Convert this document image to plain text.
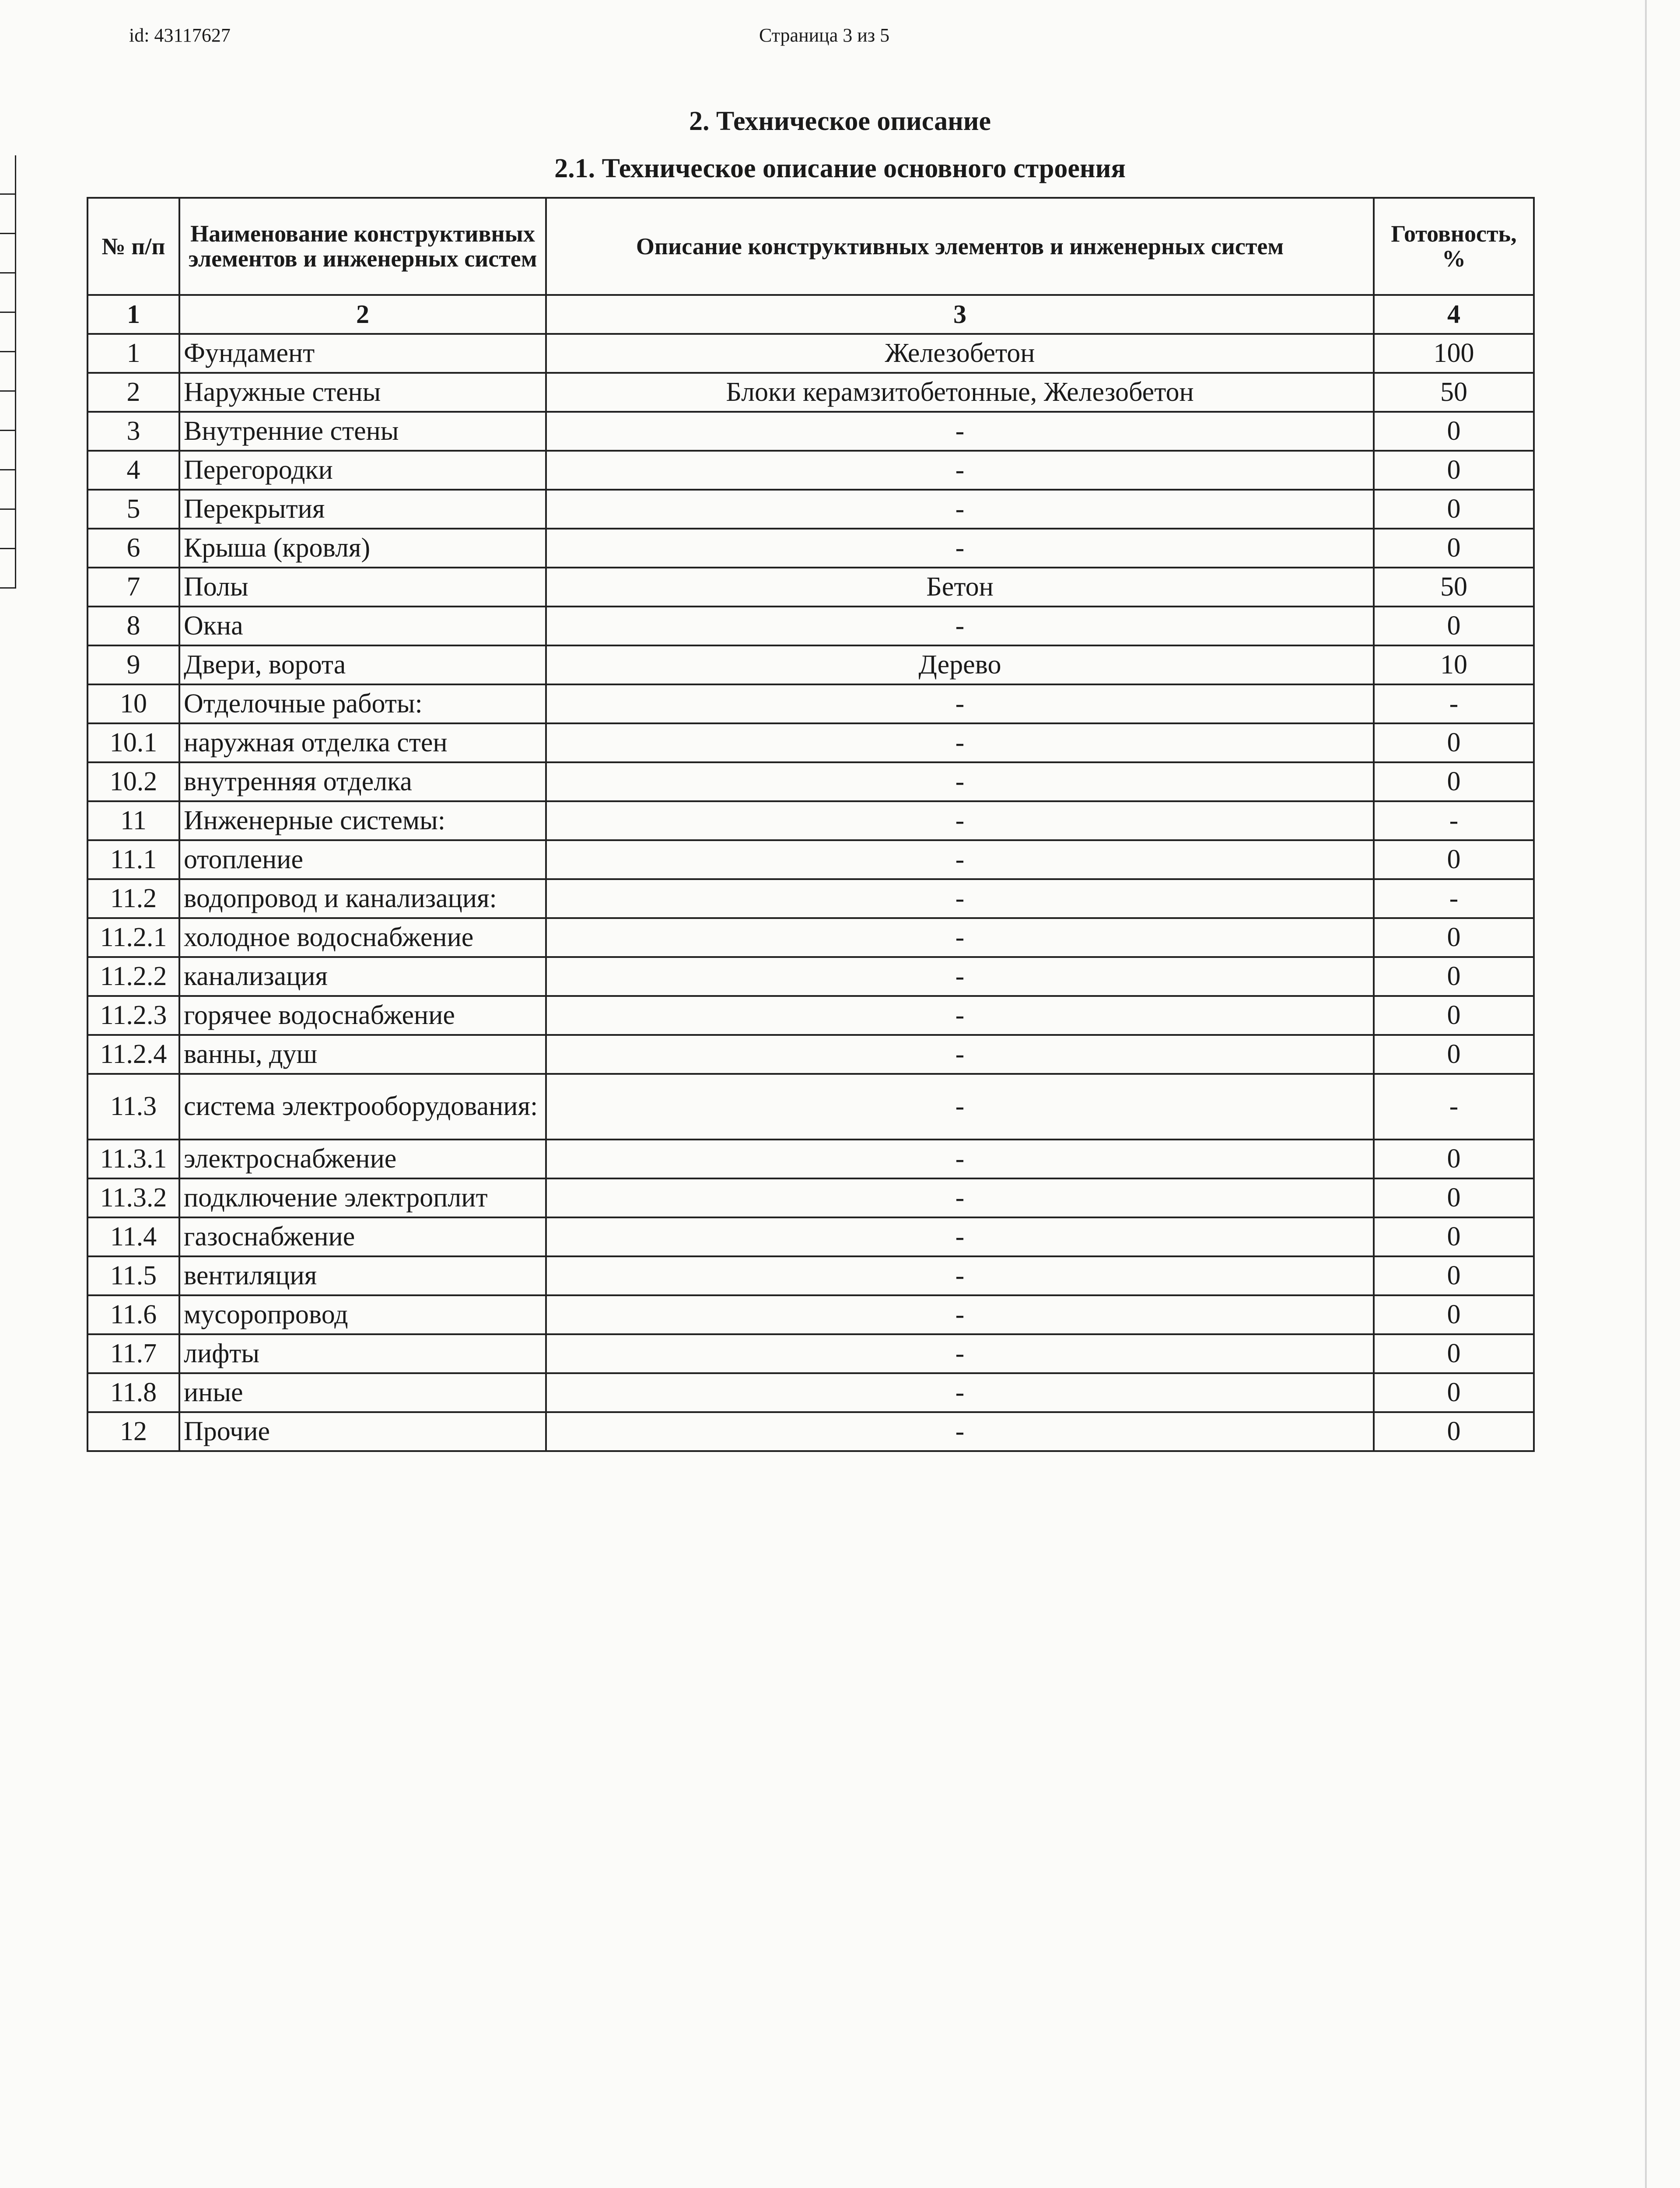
id: 43117627	Страница 3 из 5
2. Техническое описание
2.1. Техническое описание основного строения
№ п/п	Наименование конструктивных элементов и инженерных систем	Описание конструктивных элементов и инженерных систем	Готовность, %
1	2	3	4
1	Фундамент	Железобетон	100
2	Наружные стены	Блоки керамзитобетонные, Железобетон	50
3	Внутренние стены	-	0
4	Перегородки	-	0
5	Перекрытия	-	0
6	Крыша (кровля)	-	0
7	Полы	Бетон	50
8	Окна	-	0
9	Двери, ворота	Дерево	10
10	Отделочные работы:	-	-
10.1	наружная отделка стен	-	0
10.2	внутренняя отделка	-	0
11	Инженерные системы:	-	-
11.1	отопление	-	0
11.2	водопровод и канализация:	-	-
11.2.1	холодное водоснабжение	-	0
11.2.2	канализация	-	0
11.2.3	горячее водоснабжение	-	0
11.2.4	ванны, душ	-	0
11.3	система электрооборудования:	-	-
11.3.1	электроснабжение	-	0
11.3.2	подключение электроплит	-	0
11.4	газоснабжение	-	0
11.5	вентиляция	-	0
11.6	мусоропровод	-	0
11.7	лифты	-	0
11.8	иные	-	0
12	Прочие	-	0
